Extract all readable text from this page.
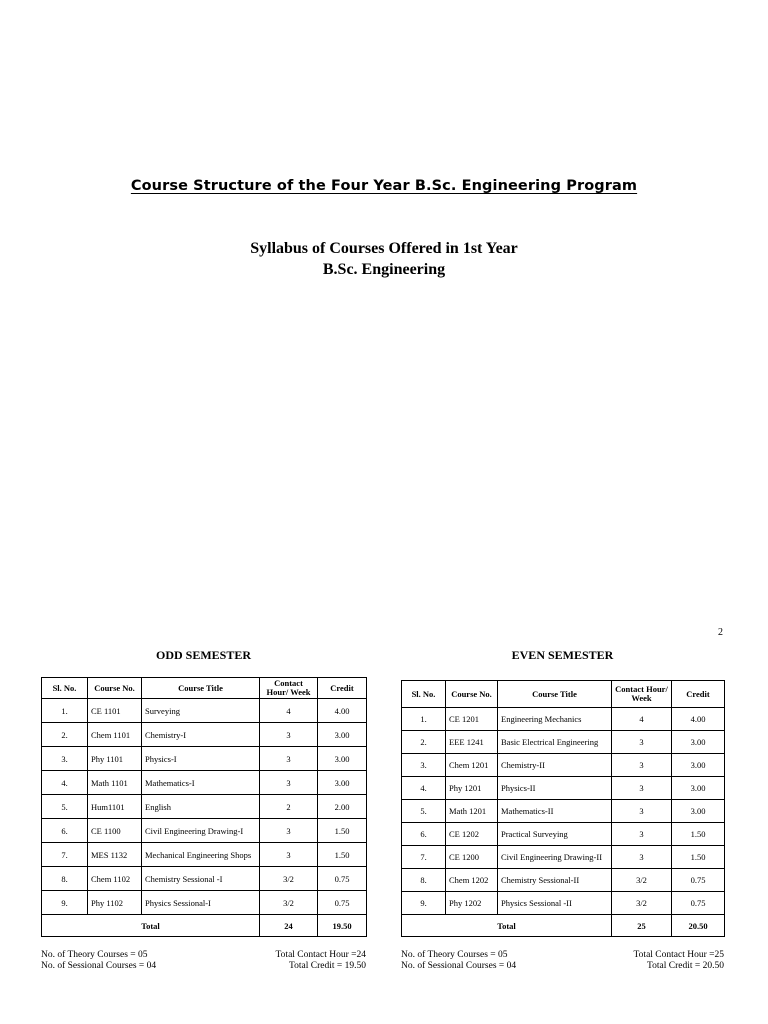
Course Structure of the Four Year B.Sc. Engineering Program
Syllabus of Courses Offered in 1st Year
B.Sc. Engineering
2
ODD SEMESTER
Sl. No.	Course No.	Course Title	Contact Hour/ Week	Credit
1.	CE 1101	Surveying	4	4.00
2.	Chem 1101	Chemistry-I	3	3.00
3.	Phy 1101	Physics-I	3	3.00
4.	Math 1101	Mathematics-I	3	3.00
5.	Hum1101	English	2	2.00
6.	CE 1100	Civil Engineering Drawing-I	3	1.50
7.	MES 1132	Mechanical Engineering Shops	3	1.50
8.	Chem 1102	Chemistry Sessional -I	3/2	0.75
9.	Phy 1102	Physics Sessional-I	3/2	0.75
Total			24	19.50
No. of Theory Courses = 05
No. of Sessional Courses = 04
Total Contact Hour =24
Total Credit = 19.50
EVEN SEMESTER
Sl. No.	Course No.	Course Title	Contact Hour/ Week	Credit
1.	CE 1201	Engineering Mechanics	4	4.00
2.	EEE 1241	Basic Electrical Engineering	3	3.00
3.	Chem 1201	Chemistry-II	3	3.00
4.	Phy 1201	Physics-II	3	3.00
5.	Math 1201	Mathematics-II	3	3.00
6.	CE 1202	Practical Surveying	3	1.50
7.	CE 1200	Civil Engineering Drawing-II	3	1.50
8.	Chem 1202	Chemistry Sessional-II	3/2	0.75
9.	Phy 1202	Physics Sessional -II	3/2	0.75
Total			25	20.50
No. of Theory Courses = 05
No. of Sessional Courses = 04
Total Contact Hour =25
Total Credit = 20.50
